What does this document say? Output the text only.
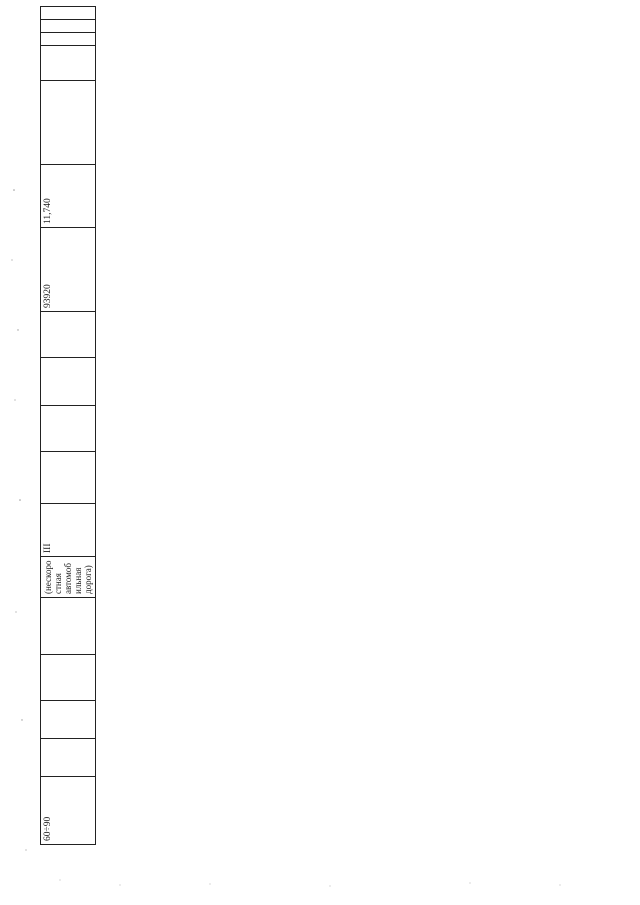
60÷90					(нескоростная автомобильная дорога)	III					93920	11,740					
